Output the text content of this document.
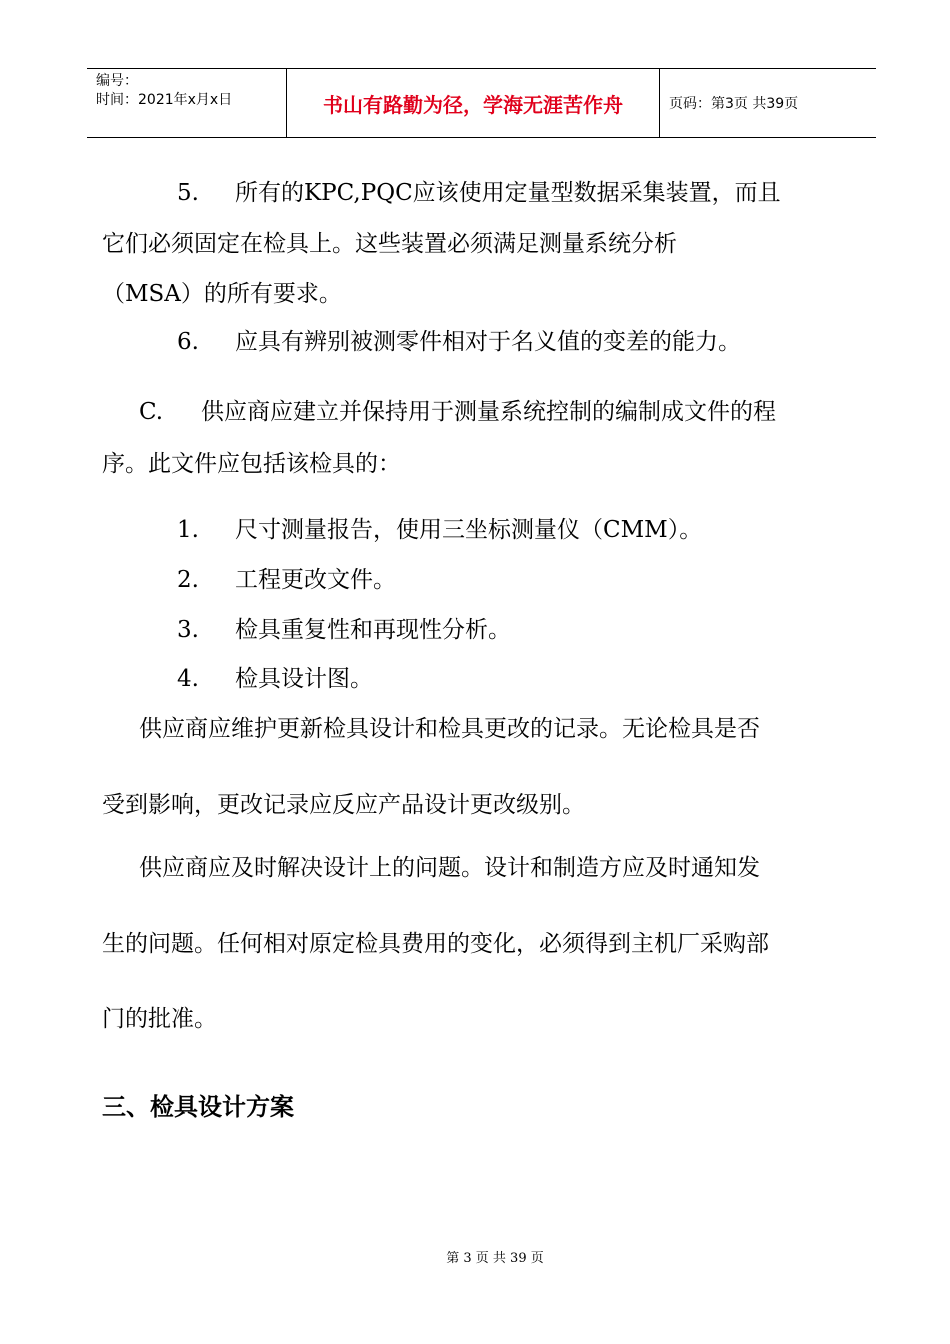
编号：
时间：2021年x月x日	书山有路勤为径，学海无涯苦作舟	页码：第3页 共39页
5. 所有的KPC,PQC应该使用定量型数据采集装置，而且
它们必须固定在检具上。这些装置必须满足测量系统分析
（MSA）的所有要求。
6. 应具有辨别被测零件相对于名义值的变差的能力。
C. 供应商应建立并保持用于测量系统控制的编制成文件的程
序。此文件应包括该检具的：
1. 尺寸测量报告，使用三坐标测量仪（CMM）。
2. 工程更改文件。
3. 检具重复性和再现性分析。
4. 检具设计图。
供应商应维护更新检具设计和检具更改的记录。无论检具是否
受到影响，更改记录应反应产品设计更改级别。
供应商应及时解决设计上的问题。设计和制造方应及时通知发
生的问题。任何相对原定检具费用的变化，必须得到主机厂采购部
门的批准。
三、检具设计方案
第 3 页 共 39 页
